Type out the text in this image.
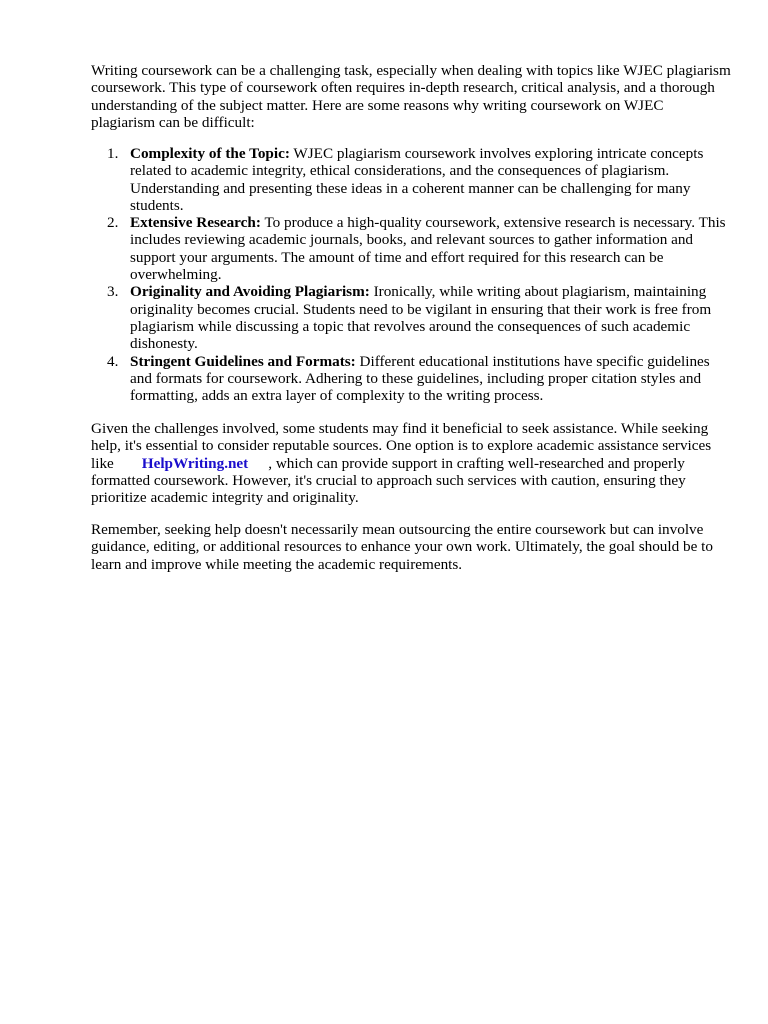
Writing coursework can be a challenging task, especially when dealing with topics like WJEC plagiarism coursework. This type of coursework often requires in-depth research, critical analysis, and a thorough understanding of the subject matter. Here are some reasons why writing coursework on WJEC plagiarism can be difficult:

1. Complexity of the Topic: WJEC plagiarism coursework involves exploring intricate concepts related to academic integrity, ethical considerations, and the consequences of plagiarism. Understanding and presenting these ideas in a coherent manner can be challenging for many students.
2. Extensive Research: To produce a high-quality coursework, extensive research is necessary. This includes reviewing academic journals, books, and relevant sources to gather information and support your arguments. The amount of time and effort required for this research can be overwhelming.
3. Originality and Avoiding Plagiarism: Ironically, while writing about plagiarism, maintaining originality becomes crucial. Students need to be vigilant in ensuring that their work is free from plagiarism while discussing a topic that revolves around the consequences of such academic dishonesty.
4. Stringent Guidelines and Formats: Different educational institutions have specific guidelines and formats for coursework. Adhering to these guidelines, including proper citation styles and formatting, adds an extra layer of complexity to the writing process.

Given the challenges involved, some students may find it beneficial to seek assistance. While seeking help, it's essential to consider reputable sources. One option is to explore academic assistance services like HelpWriting.net , which can provide support in crafting well-researched and properly formatted coursework. However, it's crucial to approach such services with caution, ensuring they prioritize academic integrity and originality.

Remember, seeking help doesn't necessarily mean outsourcing the entire coursework but can involve guidance, editing, or additional resources to enhance your own work. Ultimately, the goal should be to learn and improve while meeting the academic requirements.
